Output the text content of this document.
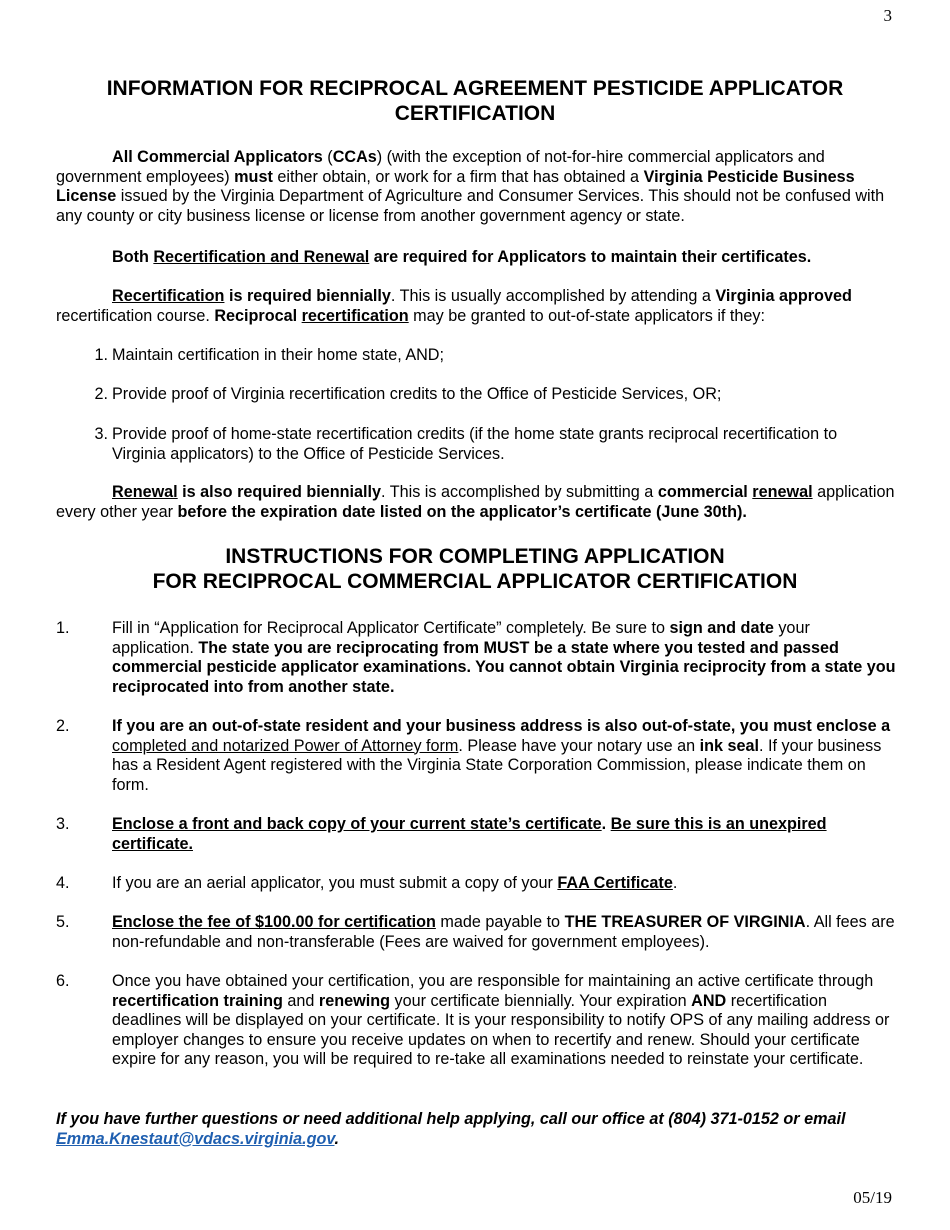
3
INFORMATION FOR RECIPROCAL AGREEMENT PESTICIDE APPLICATOR
CERTIFICATION
All Commercial Applicators (CCAs) (with the exception of not-for-hire commercial applicators and government employees) must either obtain, or work for a firm that has obtained a Virginia Pesticide Business License issued by the Virginia Department of Agriculture and Consumer Services. This should not be confused with any county or city business license or license from another government agency or state.
Both Recertification and Renewal are required for Applicators to maintain their certificates.
Recertification is required biennially. This is usually accomplished by attending a Virginia approved recertification course. Reciprocal recertification may be granted to out-of-state applicators if they:
1. Maintain certification in their home state, AND;
2. Provide proof of Virginia recertification credits to the Office of Pesticide Services, OR;
3. Provide proof of home-state recertification credits (if the home state grants reciprocal recertification to Virginia applicators) to the Office of Pesticide Services.
Renewal is also required biennially. This is accomplished by submitting a commercial renewal application every other year before the expiration date listed on the applicator’s certificate (June 30th).
INSTRUCTIONS FOR COMPLETING APPLICATION
FOR RECIPROCAL COMMERCIAL APPLICATOR CERTIFICATION
1.	Fill in “Application for Reciprocal Applicator Certificate” completely. Be sure to sign and date your application. The state you are reciprocating from MUST be a state where you tested and passed commercial pesticide applicator examinations. You cannot obtain Virginia reciprocity from a state you reciprocated into from another state.
2.	If you are an out-of-state resident and your business address is also out-of-state, you must enclose a completed and notarized Power of Attorney form. Please have your notary use an ink seal. If your business has a Resident Agent registered with the Virginia State Corporation Commission, please indicate them on form.
3.	Enclose a front and back copy of your current state’s certificate. Be sure this is an unexpired certificate.
4.	If you are an aerial applicator, you must submit a copy of your FAA Certificate.
5.	Enclose the fee of $100.00 for certification made payable to THE TREASURER OF VIRGINIA. All fees are non-refundable and non-transferable (Fees are waived for government employees).
6.	Once you have obtained your certification, you are responsible for maintaining an active certificate through recertification training and renewing your certificate biennially. Your expiration AND recertification deadlines will be displayed on your certificate. It is your responsibility to notify OPS of any mailing address or employer changes to ensure you receive updates on when to recertify and renew. Should your certificate expire for any reason, you will be required to re-take all examinations needed to reinstate your certificate.
If you have further questions or need additional help applying, call our office at (804) 371-0152 or email Emma.Knestaut@vdacs.virginia.gov.
05/19
